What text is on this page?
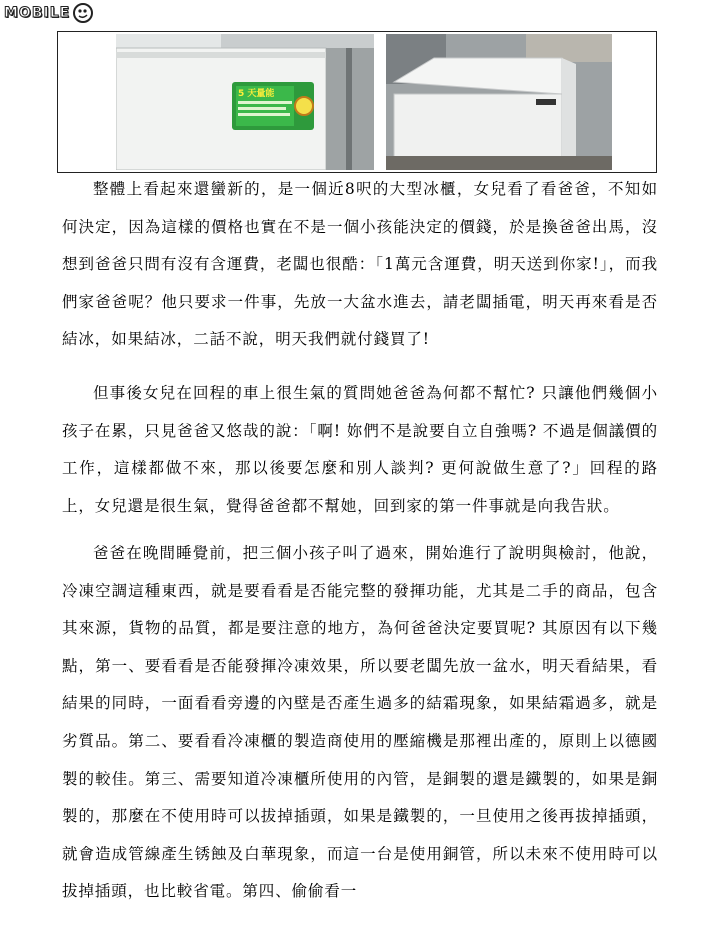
MOBILE
5 天量能

整體上看起來還蠻新的，是一個近8呎的大型冰櫃，女兒看了看爸爸，不知如何決定，因為這樣的價格也實在不是一個小孩能決定的價錢，於是換爸爸出馬，沒想到爸爸只問有沒有含運費，老闆也很酷：「1萬元含運費，明天送到你家!」，而我們家爸爸呢？他只要求一件事，先放一大盆水進去，請老闆插電，明天再來看是否結冰，如果結冰，二話不說，明天我們就付錢買了!

但事後女兒在回程的車上很生氣的質問她爸爸為何都不幫忙? 只讓他們幾個小孩子在累，只見爸爸又悠哉的說：「啊! 妳們不是說要自立自強嗎? 不過是個議價的工作，這樣都做不來，那以後要怎麼和別人談判? 更何說做生意了?」回程的路上，女兒還是很生氣，覺得爸爸都不幫她，回到家的第一件事就是向我告狀。

爸爸在晚間睡覺前，把三個小孩子叫了過來，開始進行了說明與檢討，他說，冷凍空調這種東西，就是要看看是否能完整的發揮功能，尤其是二手的商品，包含其來源，貨物的品質，都是要注意的地方，為何爸爸決定要買呢? 其原因有以下幾點，第一、要看看是否能發揮冷凍效果，所以要老闆先放一盆水，明天看結果，看結果的同時，一面看看旁邊的內壁是否產生過多的結霜現象，如果結霜過多，就是劣質品。第二、要看看冷凍櫃的製造商使用的壓縮機是那裡出產的，原則上以德國製的較佳。第三、需要知道冷凍櫃所使用的內管，是銅製的還是鐵製的，如果是銅製的，那麼在不使用時可以拔掉插頭，如果是鐵製的，一旦使用之後再拔掉插頭，就會造成管線產生锈蝕及白華現象，而這一台是使用銅管，所以未來不使用時可以拔掉插頭，也比較省電。第四、偷偷看一
